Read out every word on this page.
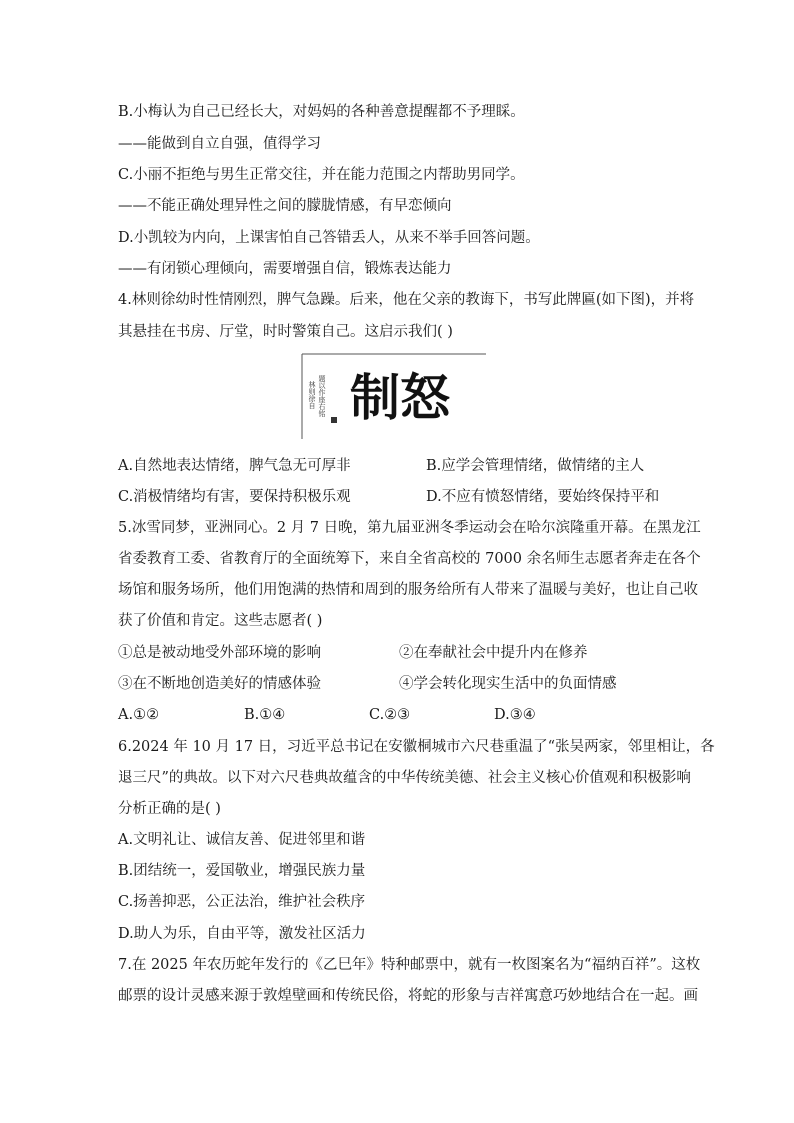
B.小梅认为自己已经长大，对妈妈的各种善意提醒都不予理睬。
——能做到自立自强，值得学习
C.小丽不拒绝与男生正常交往，并在能力范围之内帮助男同学。
——不能正确处理异性之间的朦胧情感，有早恋倾向
D.小凯较为内向，上课害怕自己答错丢人，从来不举手回答问题。
——有闭锁心理倾向，需要增强自信，锻炼表达能力
4.林则徐幼时性情刚烈，脾气急躁。后来，他在父亲的教诲下，书写此牌匾(如下图)，并将
其悬挂在书房、厅堂，时时警策自己。这启示我们( )
林则徐自 题以作座右铭 制怒
A.自然地表达情绪，脾气急无可厚非	B.应学会管理情绪，做情绪的主人
C.消极情绪均有害，要保持积极乐观	D.不应有愤怒情绪，要始终保持平和
5.冰雪同梦，亚洲同心。2 月 7 日晚，第九届亚洲冬季运动会在哈尔滨隆重开幕。在黑龙江
省委教育工委、省教育厅的全面统筹下，来自全省高校的 7000 余名师生志愿者奔走在各个
场馆和服务场所，他们用饱满的热情和周到的服务给所有人带来了温暖与美好，也让自己收
获了价值和肯定。这些志愿者( )
①总是被动地受外部环境的影响	②在奉献社会中提升内在修养
③在不断地创造美好的情感体验	④学会转化现实生活中的负面情感
A.①②	B.①④	C.②③	D.③④
6.2024 年 10 月 17 日，习近平总书记在安徽桐城市六尺巷重温了“张吴两家，邻里相让，各
退三尺”的典故。以下对六尺巷典故蕴含的中华传统美德、社会主义核心价值观和积极影响
分析正确的是( )
A.文明礼让、诚信友善、促进邻里和谐
B.团结统一，爱国敬业，增强民族力量
C.扬善抑恶，公正法治，维护社会秩序
D.助人为乐，自由平等，激发社区活力
7.在 2025 年农历蛇年发行的《乙巳年》特种邮票中，就有一枚图案名为“福纳百祥”。这枚
邮票的设计灵感来源于敦煌壁画和传统民俗，将蛇的形象与吉祥寓意巧妙地结合在一起。画
